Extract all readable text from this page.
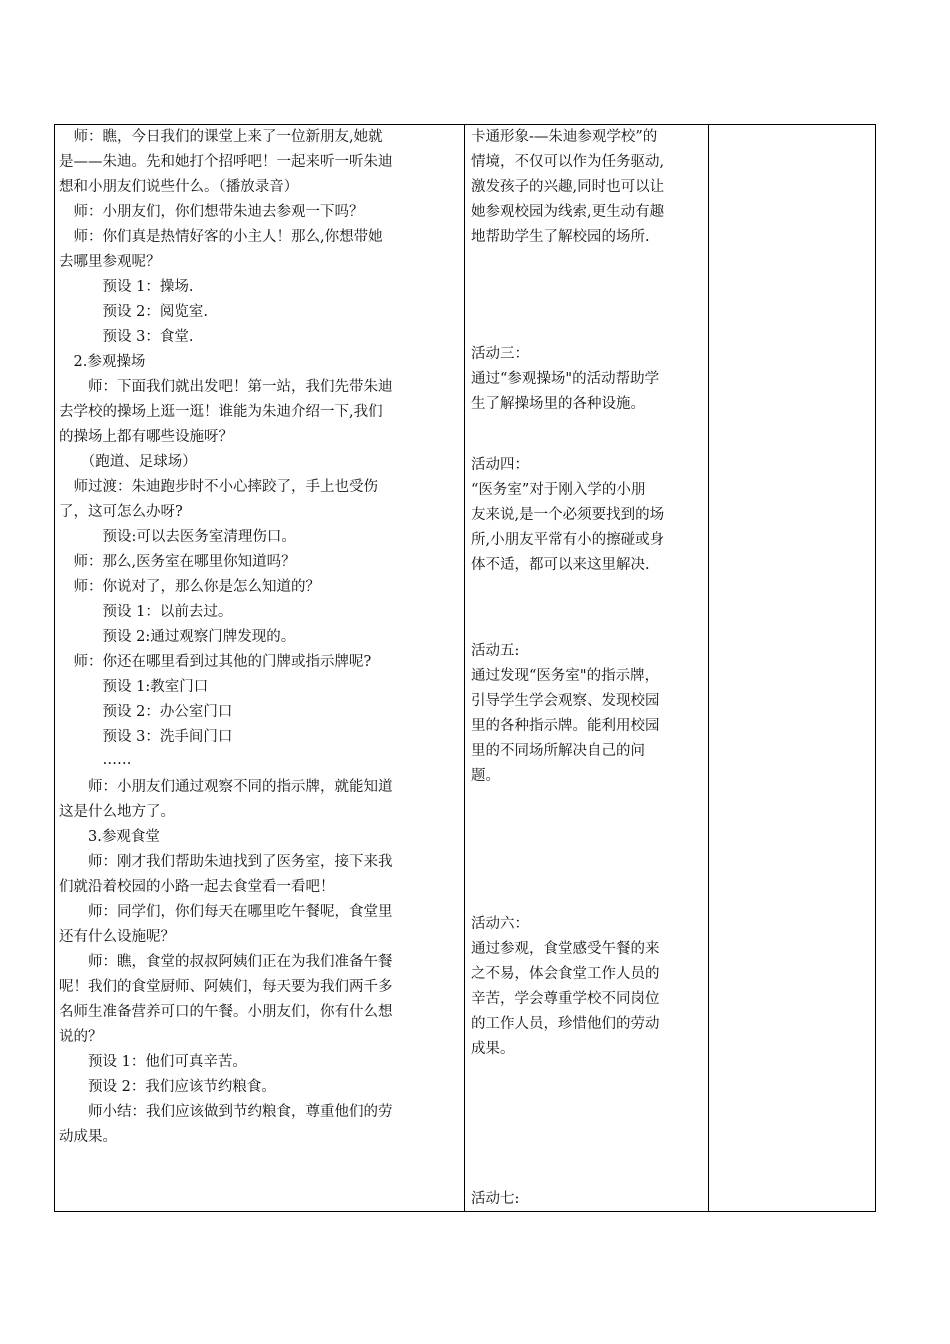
　师：瞧，今日我们的课堂上来了一位新朋友,她就
是——朱迪。先和她打个招呼吧！一起来听一听朱迪
想和小朋友们说些什么。（播放录音）
　师：小朋友们，你们想带朱迪去参观一下吗？
　师：你们真是热情好客的小主人！那么,你想带她
去哪里参观呢？
　　　预设 1：操场.
　　　预设 2：阅览室.
　　　预设 3：食堂.
　2.参观操场
　　师：下面我们就出发吧！第一站，我们先带朱迪
去学校的操场上逛一逛！谁能为朱迪介绍一下,我们
的操场上都有哪些设施呀？
　　（跑道、足球场）
　师过渡：朱迪跑步时不小心摔跤了，手上也受伤
了，这可怎么办呀?
　　　预设:可以去医务室清理伤口。
　师：那么,医务室在哪里你知道吗？
　师：你说对了，那么你是怎么知道的？
　　　预设 1：以前去过。
　　　预设 2:通过观察门牌发现的。
　师：你还在哪里看到过其他的门牌或指示牌呢?
　　　预设 1:教室门口
　　　预设 2：办公室门口
　　　预设 3：洗手间门口
　　　……
　　师：小朋友们通过观察不同的指示牌，就能知道
这是什么地方了。
　　3.参观食堂
　　师：刚才我们帮助朱迪找到了医务室，接下来我
们就沿着校园的小路一起去食堂看一看吧！
　　师：同学们，你们每天在哪里吃午餐呢，食堂里
还有什么设施呢？
　　师：瞧，食堂的叔叔阿姨们正在为我们准备午餐
呢！我们的食堂厨师、阿姨们，每天要为我们两千多
名师生准备营养可口的午餐。小朋友们，你有什么想
说的？
　　预设 1：他们可真辛苦。
　　预设 2：我们应该节约粮食。
　　师小结：我们应该做到节约粮食，尊重他们的劳
动成果。
卡通形象-—朱迪参观学校”的
情境，不仅可以作为任务驱动,
激发孩子的兴趣,同时也可以让
她参观校园为线索,更生动有趣
地帮助学生了解校园的场所.
活动三：
通过“参观操场"的活动帮助学
生了解操场里的各种设施。
活动四：
“医务室”对于刚入学的小朋
友来说,是一个必须要找到的场
所,小朋友平常有小的擦碰或身
体不适，都可以来这里解决.
活动五:
通过发现“医务室"的指示牌，
引导学生学会观察、发现校园
里的各种指示牌。能利用校园
里的不同场所解决自己的问
题。
活动六：
通过参观，食堂感受午餐的来
之不易，体会食堂工作人员的
辛苦，学会尊重学校不同岗位
的工作人员，珍惜他们的劳动
成果。
活动七:
